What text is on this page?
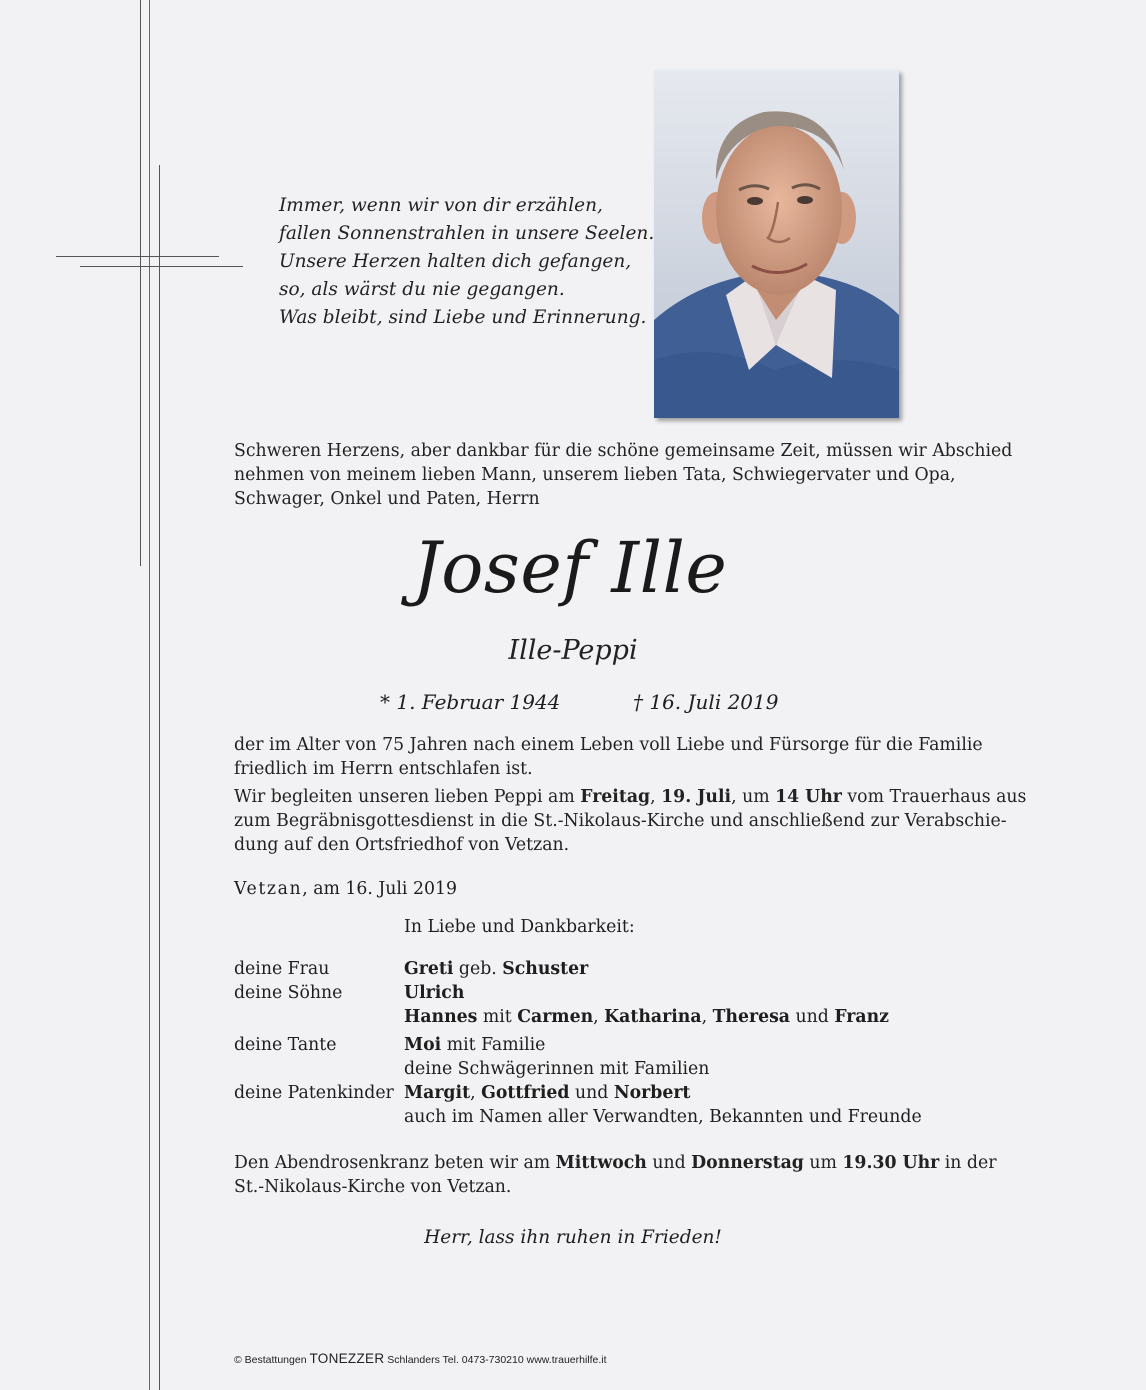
Immer, wenn wir von dir erzählen,
fallen Sonnenstrahlen in unsere Seelen.
Unsere Herzen halten dich gefangen,
so, als wärst du nie gegangen.
Was bleibt, sind Liebe und Erinnerung.
Schweren Herzens, aber dankbar für die schöne gemeinsame Zeit, müssen wir Abschied
nehmen von meinem lieben Mann, unserem lieben Tata, Schwiegervater und Opa,
Schwager, Onkel und Paten, Herrn
Josef Ille
Ille-Peppi
* 1. Februar 1944	† 16. Juli 2019
der im Alter von 75 Jahren nach einem Leben voll Liebe und Fürsorge für die Familie
friedlich im Herrn entschlafen ist.
Wir begleiten unseren lieben Peppi am Freitag, 19. Juli, um 14 Uhr vom Trauerhaus aus
zum Begräbnisgottesdienst in die St.-Nikolaus-Kirche und anschließend zur Verabschie-
dung auf den Ortsfriedhof von Vetzan.
Vetzan, am 16. Juli 2019
In Liebe und Dankbarkeit:
deine Frau	Greti geb. Schuster
deine Söhne	Ulrich
Hannes mit Carmen, Katharina, Theresa und Franz
deine Tante	Moi mit Familie
deine Schwägerinnen mit Familien
deine Patenkinder Margit, Gottfried und Norbert
auch im Namen aller Verwandten, Bekannten und Freunde
Den Abendrosenkranz beten wir am Mittwoch und Donnerstag um 19.30 Uhr in der
St.-Nikolaus-Kirche von Vetzan.
Herr, lass ihn ruhen in Frieden!
© Bestattungen TONEZZER Schlanders Tel. 0473-730210 www.trauerhilfe.it
